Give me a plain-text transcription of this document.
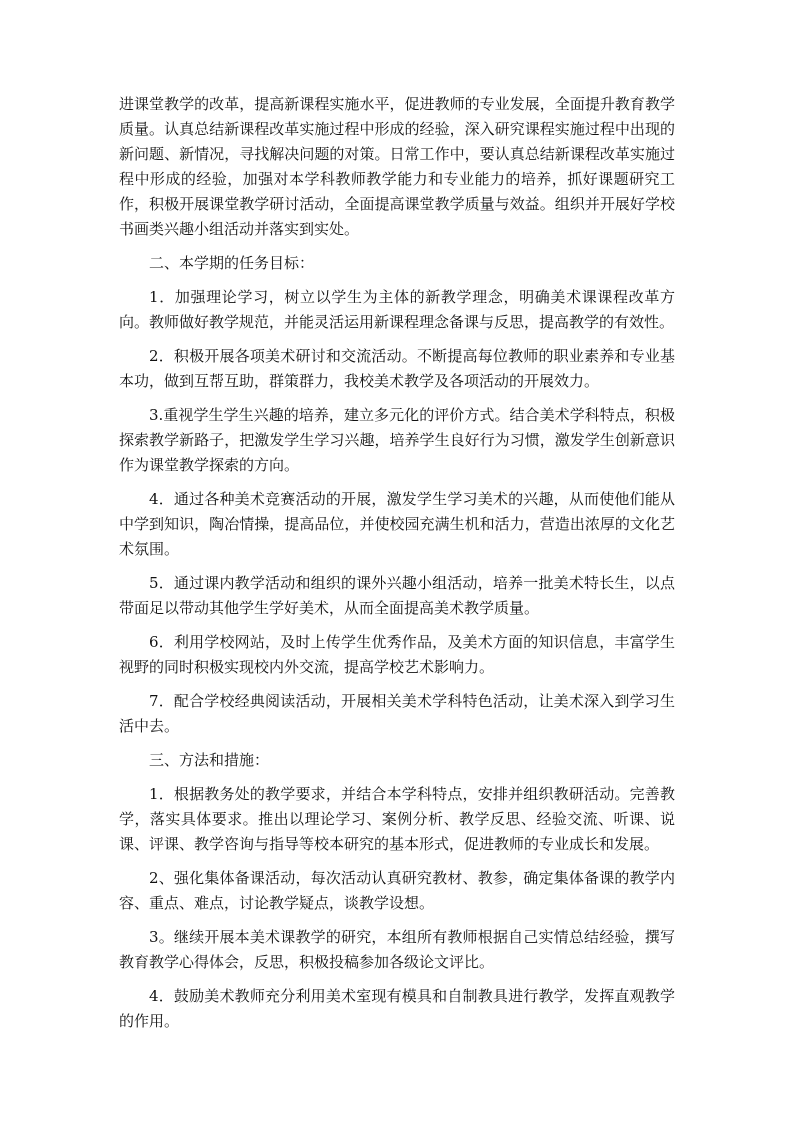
进课堂教学的改革，提高新课程实施水平，促进教师的专业发展，全面提升教育教学质量。认真总结新课程改革实施过程中形成的经验，深入研究课程实施过程中出现的新问题、新情况，寻找解决问题的对策。日常工作中，要认真总结新课程改革实施过程中形成的经验，加强对本学科教师教学能力和专业能力的培养，抓好课题研究工作，积极开展课堂教学研讨活动，全面提高课堂教学质量与效益。组织并开展好学校书画类兴趣小组活动并落实到实处。

二、本学期的任务目标：

1．加强理论学习，树立以学生为主体的新教学理念，明确美术课课程改革方向。教师做好教学规范，并能灵活运用新课程理念备课与反思，提高教学的有效性。

2．积极开展各项美术研讨和交流活动。不断提高每位教师的职业素养和专业基本功，做到互帮互助，群策群力，我校美术教学及各项活动的开展效力。

3.重视学生学生兴趣的培养，建立多元化的评价方式。结合美术学科特点，积极探索教学新路子，把激发学生学习兴趣，培养学生良好行为习惯，激发学生创新意识作为课堂教学探索的方向。

4．通过各种美术竞赛活动的开展，激发学生学习美术的兴趣，从而使他们能从中学到知识，陶冶情操，提高品位，并使校园充满生机和活力，营造出浓厚的文化艺术氛围。

5．通过课内教学活动和组织的课外兴趣小组活动，培养一批美术特长生，以点带面足以带动其他学生学好美术，从而全面提高美术教学质量。

6．利用学校网站，及时上传学生优秀作品，及美术方面的知识信息，丰富学生视野的同时积极实现校内外交流，提高学校艺术影响力。

7．配合学校经典阅读活动，开展相关美术学科特色活动，让美术深入到学习生活中去。

三、方法和措施：

1．根据教务处的教学要求，并结合本学科特点，安排并组织教研活动。完善教学，落实具体要求。推出以理论学习、案例分析、教学反思、经验交流、听课、说课、评课、教学咨询与指导等校本研究的基本形式，促进教师的专业成长和发展。

2、强化集体备课活动，每次活动认真研究教材、教参，确定集体备课的教学内容、重点、难点，讨论教学疑点，谈教学设想。

3。继续开展本美术课教学的研究，本组所有教师根据自己实情总结经验，撰写教育教学心得体会，反思，积极投稿参加各级论文评比。

4．鼓励美术教师充分利用美术室现有模具和自制教具进行教学，发挥直观教学的作用。
